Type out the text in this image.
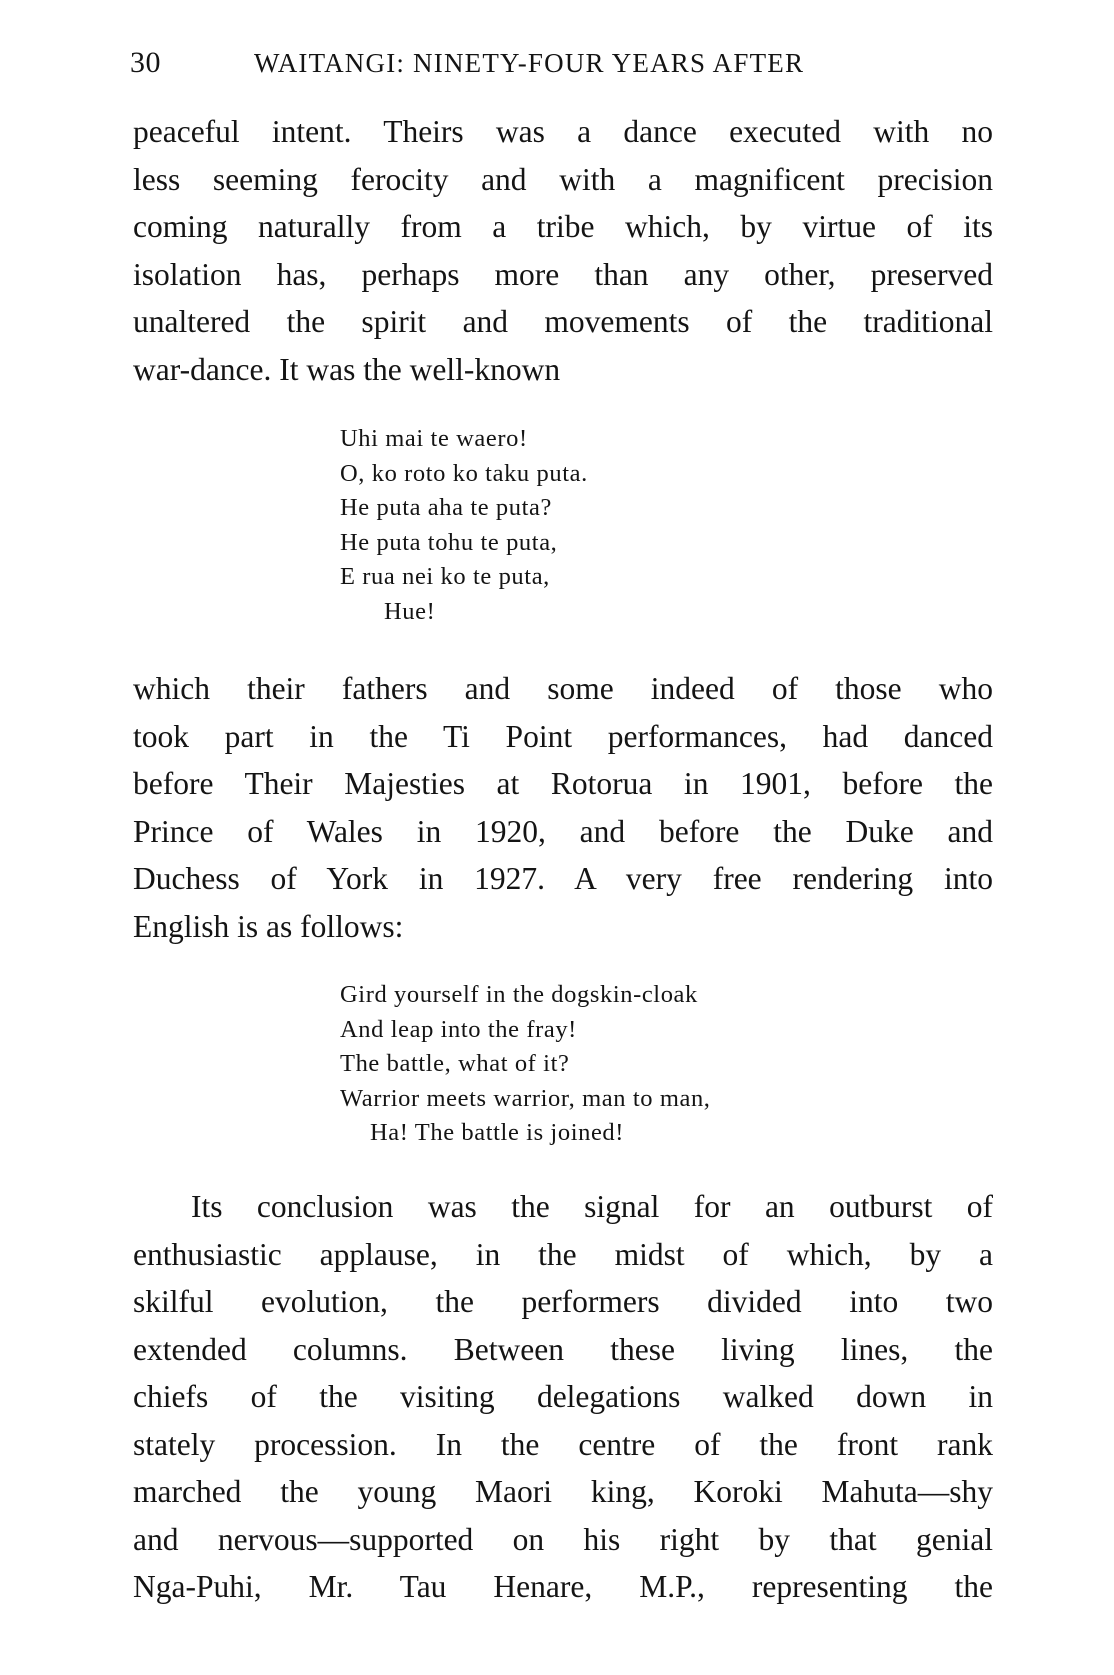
30	WAITANGI: NINETY-FOUR YEARS AFTER
peaceful intent. Theirs was a dance executed with no
less seeming ferocity and with a magnificent precision
coming naturally from a tribe which, by virtue of its
isolation has, perhaps more than any other, preserved
unaltered the spirit and movements of the traditional
war-dance. It was the well-known
Uhi mai te waero!
O, ko roto ko taku puta.
He puta aha te puta?
He puta tohu te puta,
E rua nei ko te puta,
Hue!
which their fathers and some indeed of those who
took part in the Ti Point performances, had danced
before Their Majesties at Rotorua in 1901, before the
Prince of Wales in 1920, and before the Duke and
Duchess of York in 1927. A very free rendering into
English is as follows:
Gird yourself in the dogskin-cloak
And leap into the fray!
The battle, what of it?
Warrior meets warrior, man to man,
Ha! The battle is joined!
Its conclusion was the signal for an outburst of
enthusiastic applause, in the midst of which, by a
skilful evolution, the performers divided into two
extended columns. Between these living lines, the
chiefs of the visiting delegations walked down in
stately procession. In the centre of the front rank
marched the young Maori king, Koroki Mahuta—shy
and nervous—supported on his right by that genial
Nga-Puhi, Mr. Tau Henare, M.P., representing the
